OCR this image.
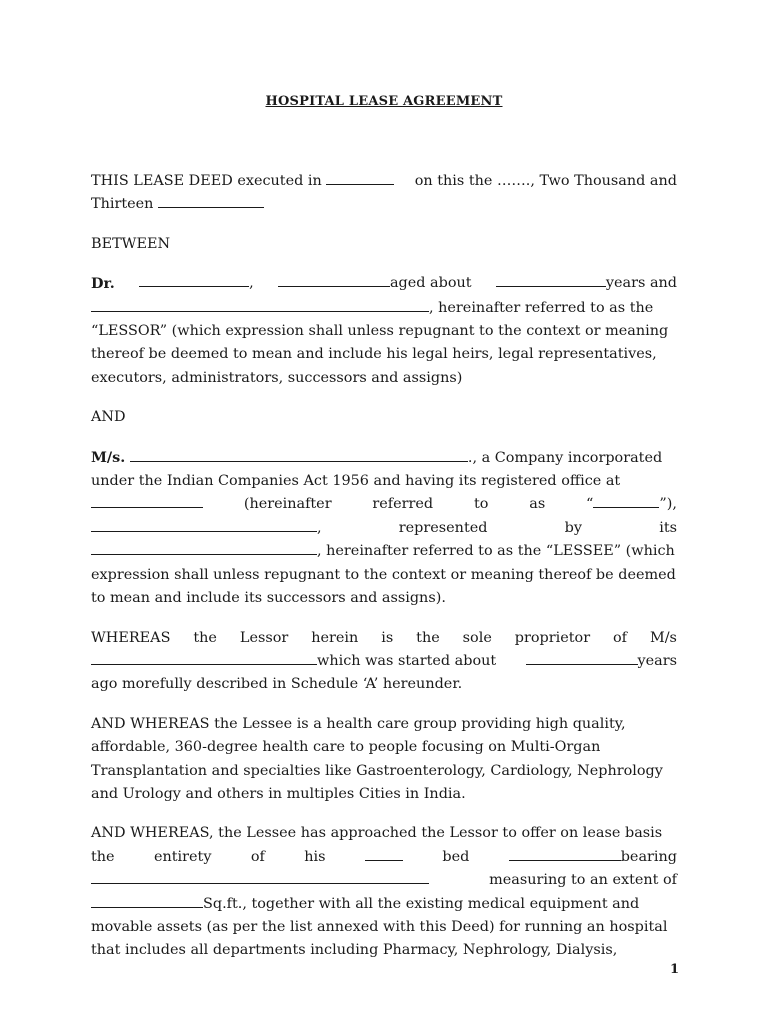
HOSPITAL LEASE AGREEMENT
THIS LEASE DEED executed in	on this the ……., Two Thousand and
Thirteen
BETWEEN
Dr.	,	aged about	years and
, hereinafter referred to as the
“LESSOR” (which expression shall unless repugnant to the context or meaning
thereof be deemed to mean and include his legal heirs, legal representatives,
executors, administrators, successors and assigns)
AND
M/s.	., a Company incorporated
under the Indian Companies Act 1956 and having its registered office at
(hereinafter	referred	to	as	“	”),
,	represented	by	its
, hereinafter referred to as the “LESSEE” (which
expression shall unless repugnant to the context or meaning thereof be deemed
to mean and include its successors and assigns).
WHEREAS the Lessor herein is the sole proprietor of M/s
which was started about	years
ago morefully described in Schedule ‘A’ hereunder.
AND WHEREAS the Lessee is a health care group providing high quality,
affordable, 360-degree health care to people focusing on Multi-Organ
Transplantation and specialties like Gastroenterology, Cardiology, Nephrology
and Urology and others in multiples Cities in India.
AND WHEREAS, the Lessee has approached the Lessor to offer on lease basis
the	entirety	of	his	bed	bearing
measuring to an extent of
Sq.ft., together with all the existing medical equipment and
movable assets (as per the list annexed with this Deed) for running an hospital
that includes all departments including Pharmacy, Nephrology, Dialysis,
1
